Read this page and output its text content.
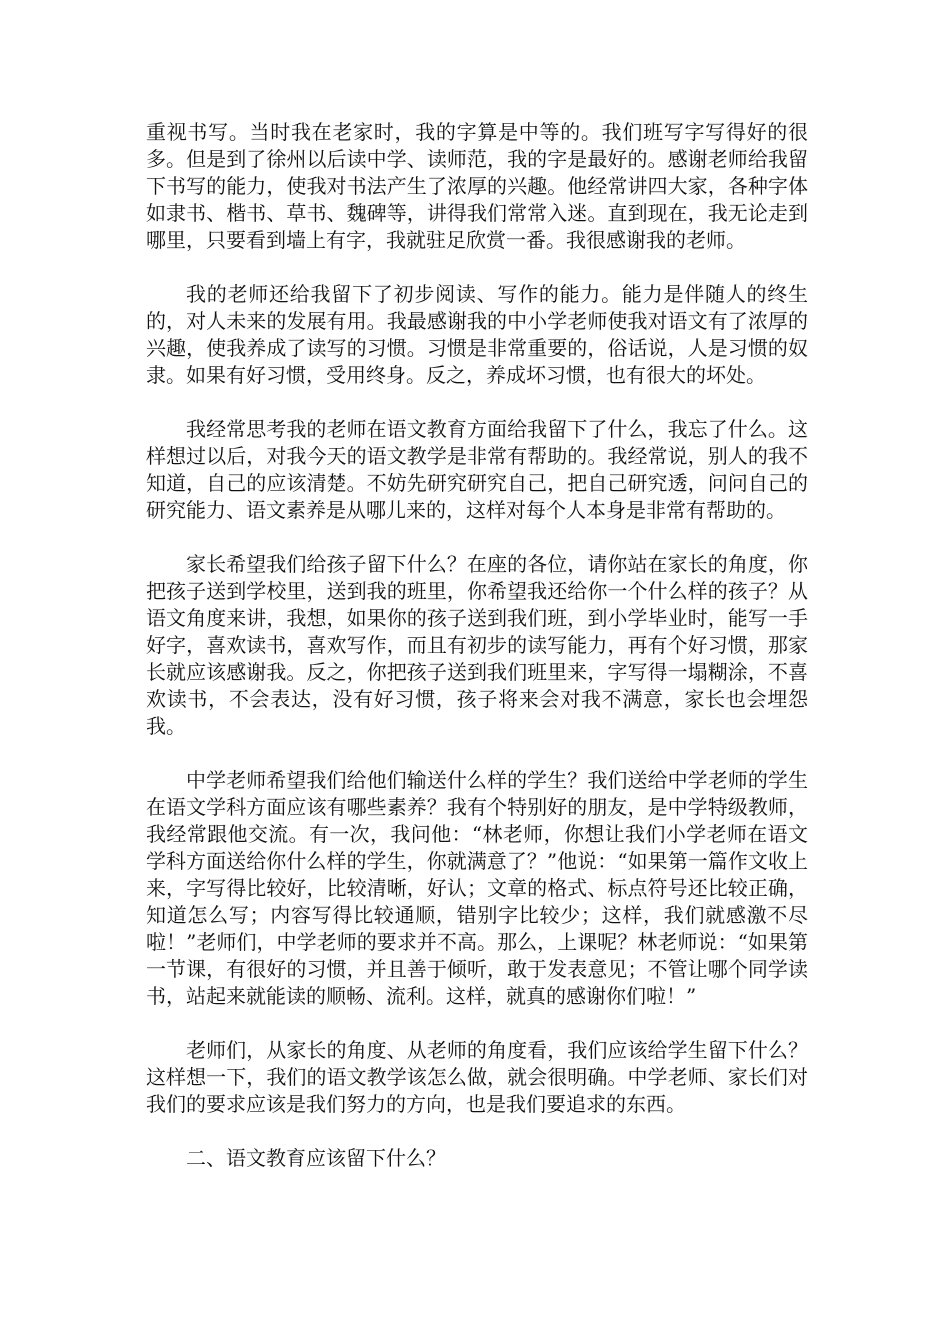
重视书写。当时我在老家时，我的字算是中等的。我们班写字写得好的很多。但是到了徐州以后读中学、读师范，我的字是最好的。感谢老师给我留下书写的能力，使我对书法产生了浓厚的兴趣。他经常讲四大家，各种字体如隶书、楷书、草书、魏碑等，讲得我们常常入迷。直到现在，我无论走到哪里，只要看到墙上有字，我就驻足欣赏一番。我很感谢我的老师。

我的老师还给我留下了初步阅读、写作的能力。能力是伴随人的终生的，对人未来的发展有用。我最感谢我的中小学老师使我对语文有了浓厚的兴趣，使我养成了读写的习惯。习惯是非常重要的，俗话说，人是习惯的奴隶。如果有好习惯，受用终身。反之，养成坏习惯，也有很大的坏处。

我经常思考我的老师在语文教育方面给我留下了什么，我忘了什么。这样想过以后，对我今天的语文教学是非常有帮助的。我经常说，别人的我不知道，自己的应该清楚。不妨先研究研究自己，把自己研究透，问问自己的研究能力、语文素养是从哪儿来的，这样对每个人本身是非常有帮助的。

家长希望我们给孩子留下什么？在座的各位，请你站在家长的角度，你把孩子送到学校里，送到我的班里，你希望我还给你一个什么样的孩子？从语文角度来讲，我想，如果你的孩子送到我们班，到小学毕业时，能写一手好字，喜欢读书，喜欢写作，而且有初步的读写能力，再有个好习惯，那家长就应该感谢我。反之，你把孩子送到我们班里来，字写得一塌糊涂，不喜欢读书，不会表达，没有好习惯，孩子将来会对我不满意，家长也会埋怨我。

中学老师希望我们给他们输送什么样的学生？我们送给中学老师的学生在语文学科方面应该有哪些素养？我有个特别好的朋友，是中学特级教师，我经常跟他交流。有一次，我问他：“林老师，你想让我们小学老师在语文学科方面送给你什么样的学生，你就满意了？”他说：“如果第一篇作文收上来，字写得比较好，比较清晰，好认；文章的格式、标点符号还比较正确，知道怎么写；内容写得比较通顺，错别字比较少；这样，我们就感激不尽啦！”老师们，中学老师的要求并不高。那么，上课呢？林老师说：“如果第一节课，有很好的习惯，并且善于倾听，敢于发表意见；不管让哪个同学读书，站起来就能读的顺畅、流利。这样，就真的感谢你们啦！”

老师们，从家长的角度、从老师的角度看，我们应该给学生留下什么？这样想一下，我们的语文教学该怎么做，就会很明确。中学老师、家长们对我们的要求应该是我们努力的方向，也是我们要追求的东西。

二、语文教育应该留下什么？
